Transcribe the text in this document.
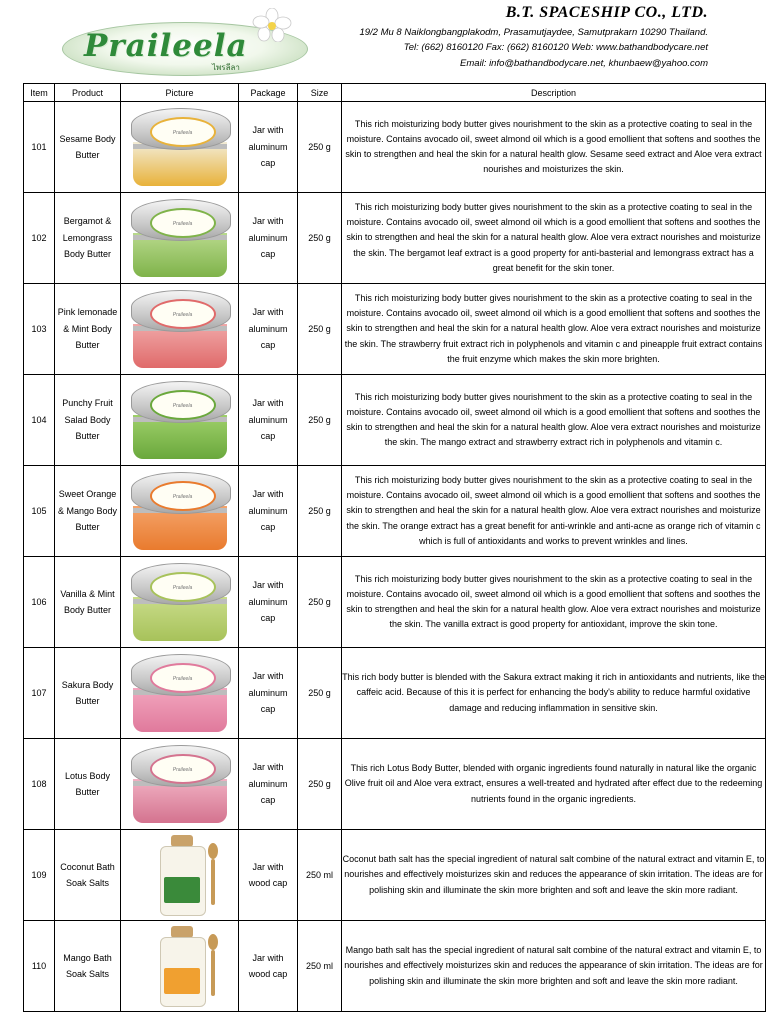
Praileela
ไพรลีลา
B.T. SPACESHIP CO., LTD.
19/2 Mu 8 Naiklongbangplakodm, Prasamutjaydee, Samutprakarn 10290 Thailand.
Tel: (662) 8160120 Fax: (662) 8160120 Web: www.bathandbodycare.net
Email: info@bathandbodycare.net, khunbaew@yahoo.com
Item	Product	Picture	Package	Size	Description
101	Sesame Body Butter	Praileela	Jar with aluminum cap	250 g	This rich moisturizing body butter gives nourishment to the skin as a protective coating to seal in the moisture. Contains avocado oil, sweet almond oil which is a good emollient that softens and soothes the skin to strengthen and heal the skin for a natural health glow. Sesame seed extract and Aloe vera extract nourishes and moisturizes the skin.
102	Bergamot & Lemongrass Body Butter	Praileela	Jar with aluminum cap	250 g	This rich moisturizing body butter gives nourishment to the skin as a protective coating to seal in the moisture. Contains avocado oil, sweet almond oil which is a good emollient that softens and soothes the skin to strengthen and heal the skin for a natural health glow. Aloe vera extract nourishes and moisturize the skin. The bergamot leaf extract is a good property for anti-basterial and lemongrass extract has a great benefit for the skin toner.
103	Pink lemonade & Mint Body Butter	Praileela	Jar with aluminum cap	250 g	This rich moisturizing body butter gives nourishment to the skin as a protective coating to seal in the moisture. Contains avocado oil, sweet almond oil which is a good emollient that softens and soothes the skin to strengthen and heal the skin for a natural health glow. Aloe vera extract nourishes and moisturize the skin. The strawberry fruit extract rich in polyphenols and vitamin c and pineapple fruit extract contains the fruit enzyme which makes the skin more brighten.
104	Punchy Fruit Salad Body Butter	Praileela	Jar with aluminum cap	250 g	This rich moisturizing body butter gives nourishment to the skin as a protective coating to seal in the moisture. Contains avocado oil, sweet almond oil which is a good emollient that softens and soothes the skin to strengthen and heal the skin for a natural health glow. Aloe vera extract nourishes and moisturize the skin. The mango extract and strawberry extract rich in polyphenols and vitamin c.
105	Sweet Orange & Mango Body Butter	Praileela	Jar with aluminum cap	250 g	This rich moisturizing body butter gives nourishment to the skin as a protective coating to seal in the moisture. Contains avocado oil, sweet almond oil which is a good emollient that softens and soothes the skin to strengthen and heal the skin for a natural health glow. Aloe vera extract nourishes and moisturize the skin. The orange extract has a great benefit for anti-wrinkle and anti-acne as orange rich of vitamin c which is full of antioxidants and works to prevent wrinkles and lines.
106	Vanilla & Mint Body Butter	Praileela	Jar with aluminum cap	250 g	This rich moisturizing body butter gives nourishment to the skin as a protective coating to seal in the moisture. Contains avocado oil, sweet almond oil which is a good emollient that softens and soothes the skin to strengthen and heal the skin for a natural health glow. Aloe vera extract nourishes and moisturize the skin. The vanilla extract is good property for antioxidant, improve the skin tone.
107	Sakura Body Butter	Praileela	Jar with aluminum cap	250 g	This rich body butter is blended with the Sakura extract making it rich in antioxidants and nutrients, like the caffeic acid. Because of this it is perfect for enhancing the body's ability to reduce harmful oxidative damage and reducing inflammation in sensitive skin.
108	Lotus Body Butter	Praileela	Jar with aluminum cap	250 g	This rich Lotus Body Butter, blended with organic ingredients found naturally in natural like the organic Olive fruit oil and Aloe vera extract, ensures a well-treated and hydrated after effect due to the redeeming nutrients found in the organic ingredients.
109	Coconut Bath Soak Salts		Jar with wood cap	250 ml	Coconut bath salt has the special ingredient of natural salt combine of the natural extract and vitamin E, to nourishes and effectively moisturizes skin and reduces the appearance of skin irritation. The ideas are for polishing skin and illuminate the skin more brighten and soft and leave the skin more radiant.
110	Mango Bath Soak Salts		Jar with wood cap	250 ml	Mango bath salt has the special ingredient of natural salt combine of the natural extract and vitamin E, to nourishes and effectively moisturizes skin and reduces the appearance of skin irritation. The ideas are for polishing skin and illuminate the skin more brighten and soft and leave the skin more radiant.
